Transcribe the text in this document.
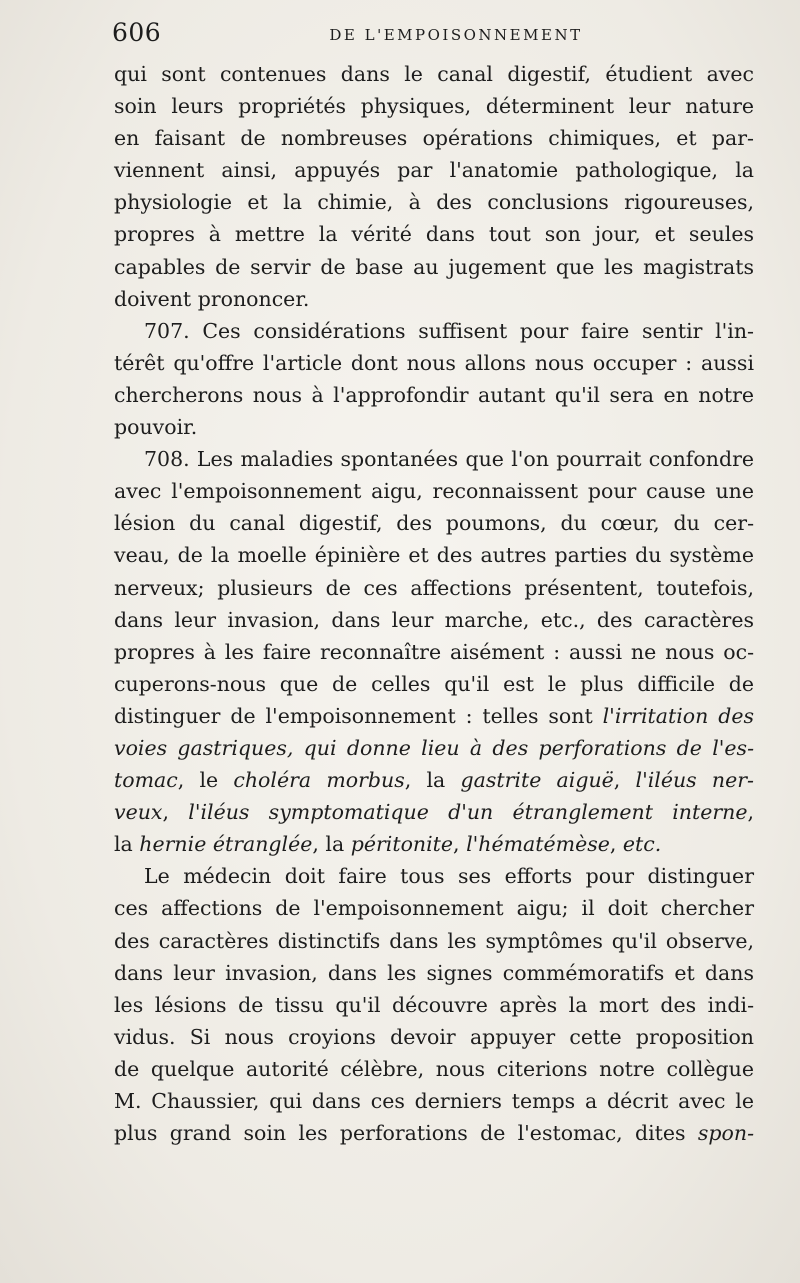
606	DE L'EMPOISONNEMENT
qui sont contenues dans le canal digestif, étudient avec
soin leurs propriétés physiques, déterminent leur nature
en faisant de nombreuses opérations chimiques, et par-
viennent ainsi, appuyés par l'anatomie pathologique, la
physiologie et la chimie, à des conclusions rigoureuses,
propres à mettre la vérité dans tout son jour, et seules
capables de servir de base au jugement que les magistrats
doivent prononcer.
707. Ces considérations suffisent pour faire sentir l'in-
térêt qu'offre l'article dont nous allons nous occuper : aussi
chercherons nous à l'approfondir autant qu'il sera en notre
pouvoir.
708. Les maladies spontanées que l'on pourrait confondre
avec l'empoisonnement aigu, reconnaissent pour cause une
lésion du canal digestif, des poumons, du cœur, du cer-
veau, de la moelle épinière et des autres parties du système
nerveux; plusieurs de ces affections présentent, toutefois,
dans leur invasion, dans leur marche, etc., des caractères
propres à les faire reconnaître aisément : aussi ne nous oc-
cuperons-nous que de celles qu'il est le plus difficile de
distinguer de l'empoisonnement : telles sont l'irritation des
voies gastriques, qui donne lieu à des perforations de l'es-
tomac, le choléra morbus, la gastrite aiguë, l'iléus ner-
veux, l'iléus symptomatique d'un étranglement interne,
la hernie étranglée, la péritonite, l'hématémèse, etc.
Le médecin doit faire tous ses efforts pour distinguer
ces affections de l'empoisonnement aigu; il doit chercher
des caractères distinctifs dans les symptômes qu'il observe,
dans leur invasion, dans les signes commémoratifs et dans
les lésions de tissu qu'il découvre après la mort des indi-
vidus. Si nous croyions devoir appuyer cette proposition
de quelque autorité célèbre, nous citerions notre collègue
M. Chaussier, qui dans ces derniers temps a décrit avec le
plus grand soin les perforations de l'estomac, dites spon-
